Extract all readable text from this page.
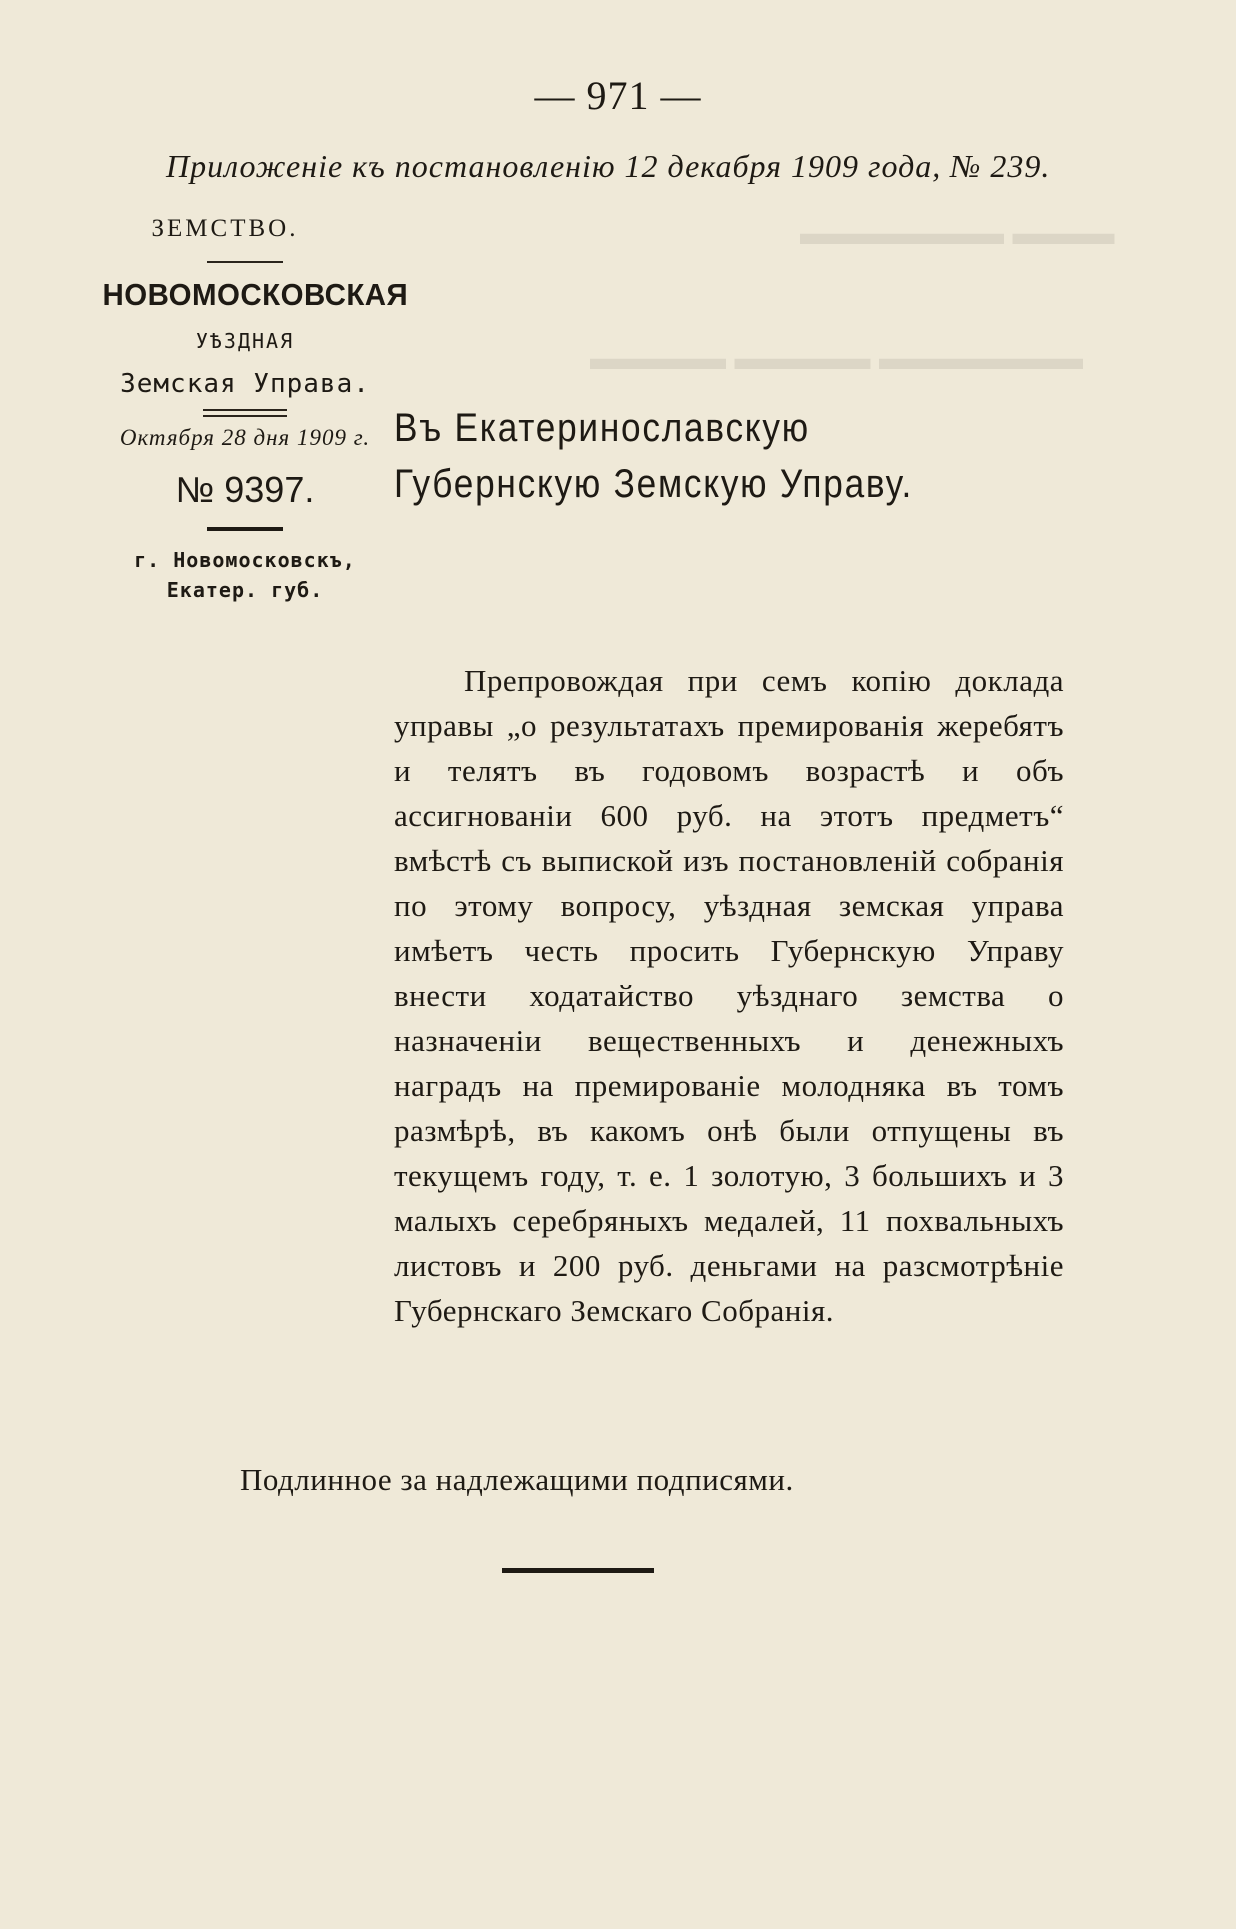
▬▬▬ ▬▬▬▬▬▬
▬▬▬▬▬▬ ▬▬▬▬ ▬▬▬▬
— 971 —
Приложеніе къ постановленію 12 декабря 1909 года, № 239.
ЗЕМСТВО.
НОВОМОСКОВСКАЯ
УѢЗДНАЯ
Земская Управа.
Октября 28 дня 1909 г.
№ 9397.
г. Новомосковскъ,
Екатер. губ.
Въ Екатеринославскую Губернскую Земскую Управу.
Препровождая при семъ копію доклада управы „о результатахъ премированія жеребятъ и телятъ въ годовомъ возрастѣ и объ ассигнованіи 600 руб. на этотъ предметъ“ вмѣстѣ съ выпиской изъ постановленій собранія по этому вопросу, уѣздная земская управа имѣетъ честь просить Губернскую Управу внести ходатайство уѣзднаго земства о назначеніи вещественныхъ и денежныхъ наградъ на премированіе молодняка въ томъ размѣрѣ, въ какомъ онѣ были отпущены въ текущемъ году, т. е. 1 золотую, 3 большихъ и 3 малыхъ серебряныхъ медалей, 11 похвальныхъ листовъ и 200 руб. деньгами на разсмотрѣніе Губернскаго Земскаго Собранія.
Подлинное за надлежащими подписями.
